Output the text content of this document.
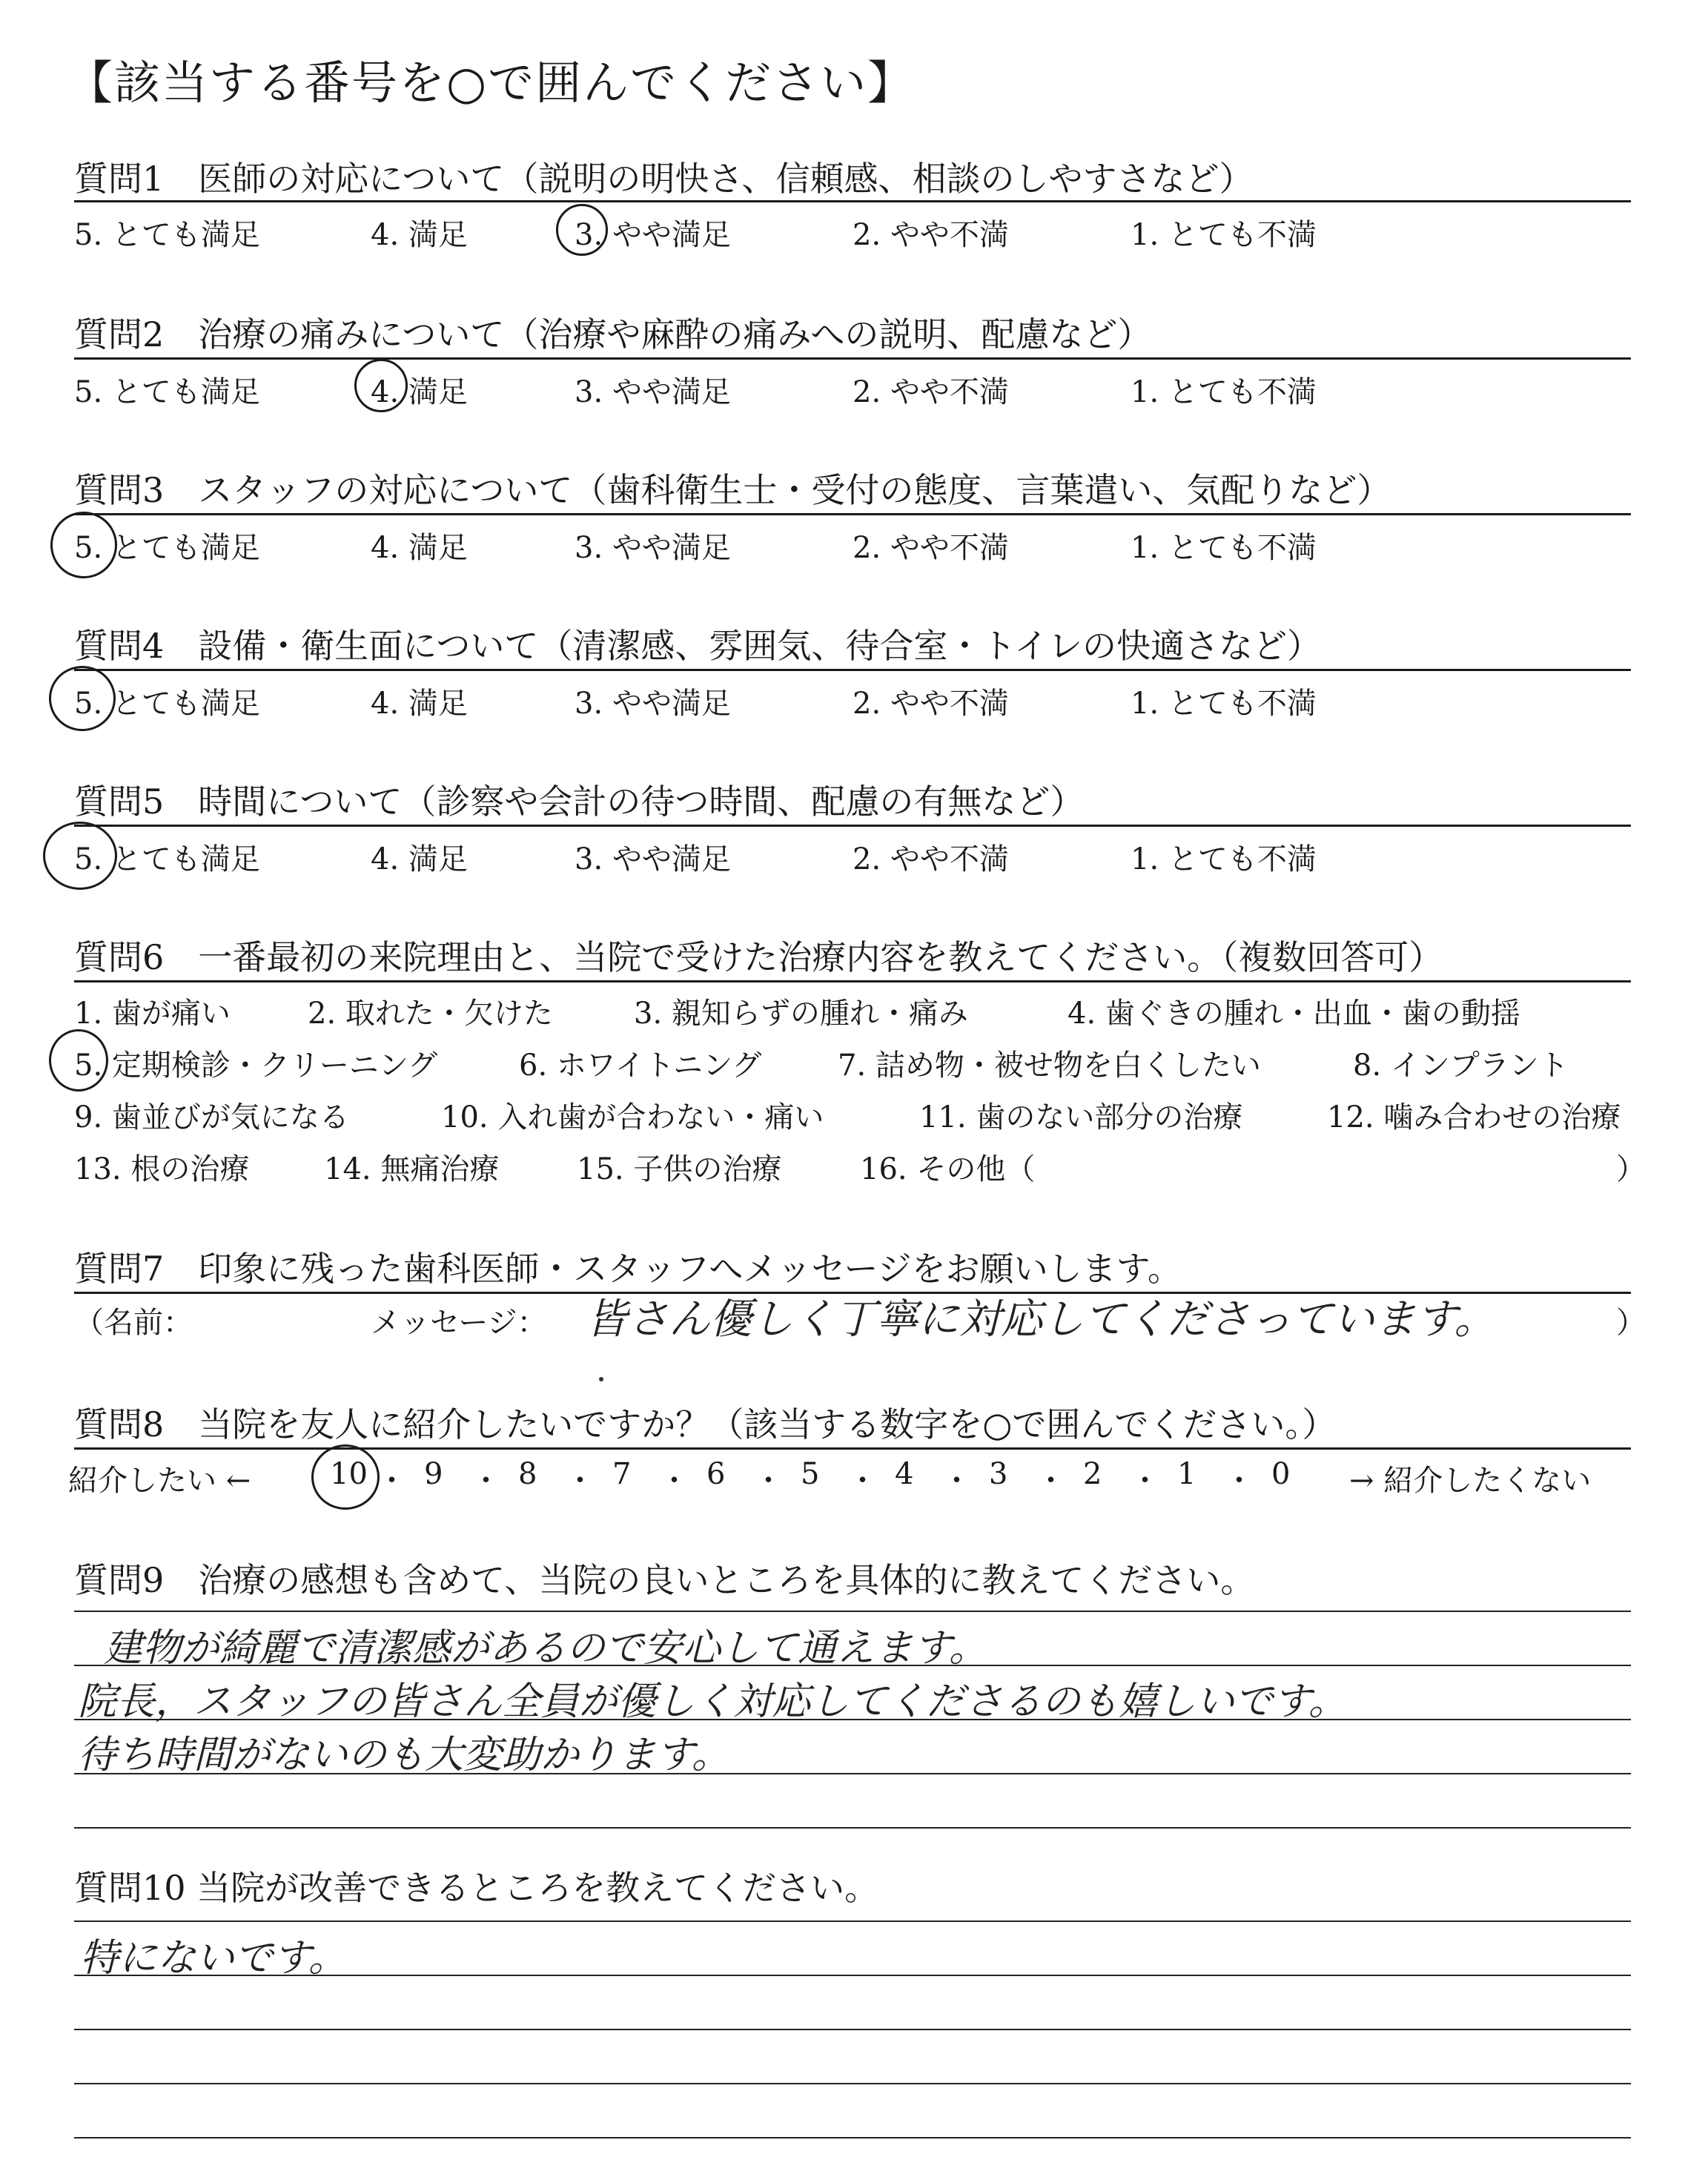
【該当する番号を○で囲んでください】
質問1　医師の対応について（説明の明快さ、信頼感、相談のしやすさなど）
5. とても満足	4. 満足	3. やや満足	2. やや不満	1. とても不満
質問2　治療の痛みについて（治療や麻酔の痛みへの説明、配慮など）
5. とても満足	4. 満足	3. やや満足	2. やや不満	1. とても不満
質問3　スタッフの対応について（歯科衛生士・受付の態度、言葉遣い、気配りなど）
5. とても満足	4. 満足	3. やや満足	2. やや不満	1. とても不満
質問4　設備・衛生面について（清潔感、雰囲気、待合室・トイレの快適さなど）
5. とても満足	4. 満足	3. やや満足	2. やや不満	1. とても不満
質問5　時間について（診察や会計の待つ時間、配慮の有無など）
5. とても満足	4. 満足	3. やや満足	2. やや不満	1. とても不満
質問6　一番最初の来院理由と、当院で受けた治療内容を教えてください。（複数回答可）
1. 歯が痛い	2. 取れた・欠けた	3. 親知らずの腫れ・痛み	4. 歯ぐきの腫れ・出血・歯の動揺
5. 定期検診・クリーニング	6. ホワイトニング	7. 詰め物・被せ物を白くしたい	8. インプラント
9. 歯並びが気になる	10. 入れ歯が合わない・痛い	11. 歯のない部分の治療	12. 噛み合わせの治療
13. 根の治療	14. 無痛治療	15. 子供の治療	16. その他（	）
質問7　印象に残った歯科医師・スタッフへメッセージをお願いします。
（名前：	メッセージ： 皆さん優しく丁寧に対応してくださっています。	）
質問8　当院を友人に紹介したいですか？（該当する数字を○で囲んでください。）
紹介したい ←	10 ・ 9 ・ 8 ・ 7 ・ 6 ・ 5 ・ 4 ・ 3 ・ 2 ・ 1 ・ 0 → 紹介したくない
質問9　治療の感想も含めて、当院の良いところを具体的に教えてください。
建物が綺麗で清潔感があるので安心して通えます。
院長，スタッフの皆さん全員が優しく対応してくださるのも嬉しいです。
待ち時間がないのも大変助かります。
質問10 当院が改善できるところを教えてください。
特にないです。
